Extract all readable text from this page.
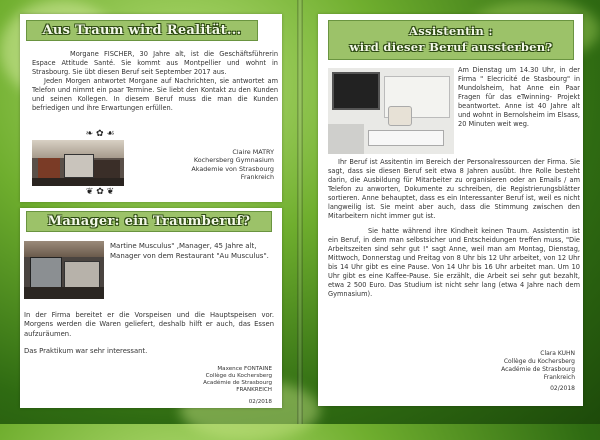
Aus Traum wird Realität...

Morgane FISCHER, 30 Jahre alt, ist die Geschäftsführerin Espace Attitude Santé. Sie kommt aus Montpellier und wohnt in Strasbourg. Sie übt diesen Beruf seit September 2017 aus.

Jeden Morgen antwortet Morgane auf Nachrichten, sie antwortet am Telefon und nimmt ein paar Termine. Sie liebt den Kontakt zu den Kunden und seinen Kollegen. In diesem Beruf muss die man die Kunden befriedigen und ihre Erwartungen erfüllen.

❧ ✿ ☙
❦ ✿ ❦
Claire MATRY
Kochersberg Gymnasium
Akademie von Strasbourg
Frankreich
Manager: ein Traumberuf?
Martine Musculus" ,Manager, 45 Jahre alt, Manager von dem Restaurant "Au Musculus".

In der Firma bereitet er die Vorspeisen und die Hauptspeisen vor. Morgens werden die Waren geliefert, deshalb hilft er auch, das Essen aufzuräumen.

Das Praktikum war sehr interessant.

Maxence FONTAINE
Collège du Kochersberg
Académie de Strasbourg
FRANKREICH
02/2018
Assistentin :
wird dieser Beruf aussterben?
Am Dienstag um 14.30 Uhr, in der Firma " Elecricité de Stasbourg" in Mundolsheim, hat Anne ein Paar Fragen für das eTwinning- Projekt beantwortet. Anne ist 40 Jahre alt und wohnt in Bernolsheim im Elsass, 20 Minuten weit weg.

Ihr Beruf ist Assitentin im Bereich der Personalressourcen der Firma. Sie sagt, dass sie diesen Beruf seit etwa 8 Jahren ausübt. Ihre Rolle besteht darin, die Ausbildung für Mitarbeiter zu organisieren oder an Emails / am Telefon zu anworten, Dokumente zu schreiben, die Registrierungsblätter sortieren. Anne behauptet, dass es ein Interessanter Beruf ist, weil es nicht langweilig ist. Sie meint aber auch, dass die Stimmung zwischen den Mitarbeitern nicht immer gut ist.

Sie hatte während ihre Kindheit keinen Traum. Assistentin ist ein Beruf, in dem man selbstsicher und Entscheidungen treffen muss, "Die Arbeitszeiten sind sehr gut !" sagt Anne, weil man am Montag, Dienstag, Mittwoch, Donnerstag und Freitag von 8 Uhr bis 12 Uhr arbeitet, von 12 Uhr bis 14 Uhr gibt es eine Pause. Von 14 Uhr bis 16 Uhr arbeitet man. Um 10 Uhr gibt es eine Kaffee-Pause. Sie erzählt, die Arbeit sei sehr gut bezahlt, etwa 2 500 Euro. Das Studium ist nicht sehr lang (etwa 4 Jahre nach dem Gymnasium).

Clara KUHN
Collège du Kochersberg
Académie de Strasbourg
Frankreich
02/2018
